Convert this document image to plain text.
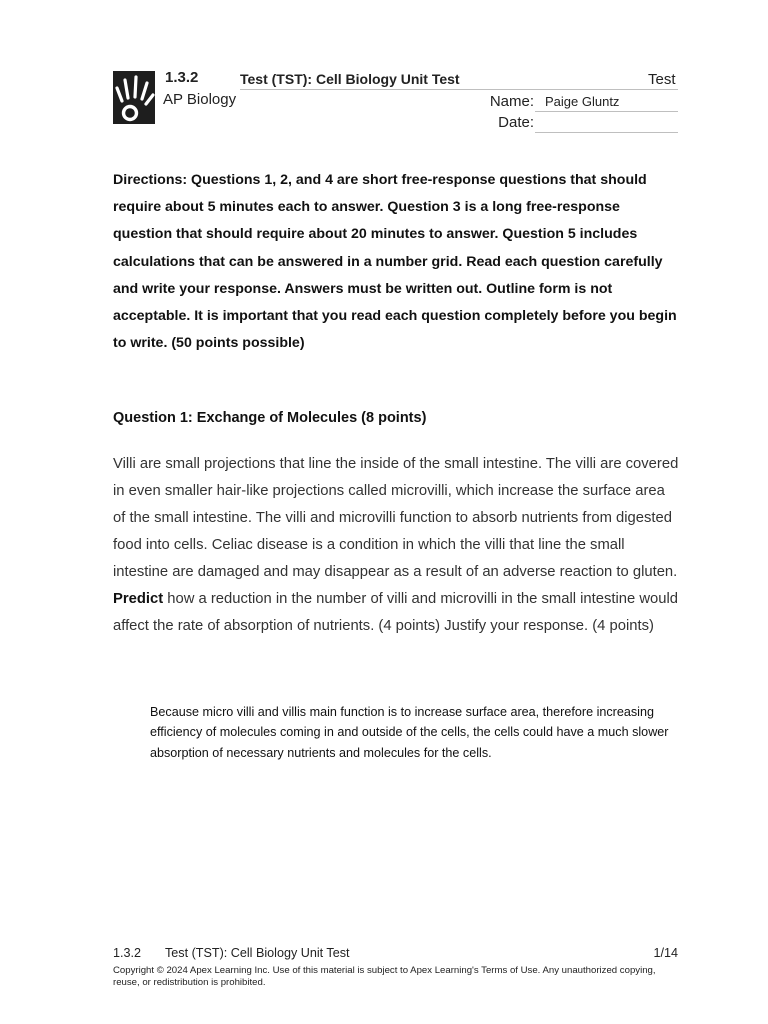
1.3.2	Test (TST): Cell Biology Unit Test	Test
AP Biology	Name: Paige Gluntz
Date:
Directions: Questions 1, 2, and 4 are short free-response questions that should require about 5 minutes each to answer. Question 3 is a long free-response question that should require about 20 minutes to answer. Question 5 includes calculations that can be answered in a number grid. Read each question carefully and write your response. Answers must be written out. Outline form is not acceptable. It is important that you read each question completely before you begin to write. (50 points possible)
Question 1: Exchange of Molecules (8 points)
Villi are small projections that line the inside of the small intestine. The villi are covered in even smaller hair-like projections called microvilli, which increase the surface area of the small intestine. The villi and microvilli function to absorb nutrients from digested food into cells. Celiac disease is a condition in which the villi that line the small intestine are damaged and may disappear as a result of an adverse reaction to gluten. Predict how a reduction in the number of villi and microvilli in the small intestine would affect the rate of absorption of nutrients. (4 points) Justify your response. (4 points)
Because micro villi and villis main function is to increase surface area, therefore increasing efficiency of molecules coming in and outside of the cells, the cells could have a much slower absorption of necessary nutrients and molecules for the cells.
1.3.2 Test (TST): Cell Biology Unit Test	1/14
Copyright © 2024 Apex Learning Inc. Use of this material is subject to Apex Learning's Terms of Use. Any unauthorized copying, reuse, or redistribution is prohibited.
